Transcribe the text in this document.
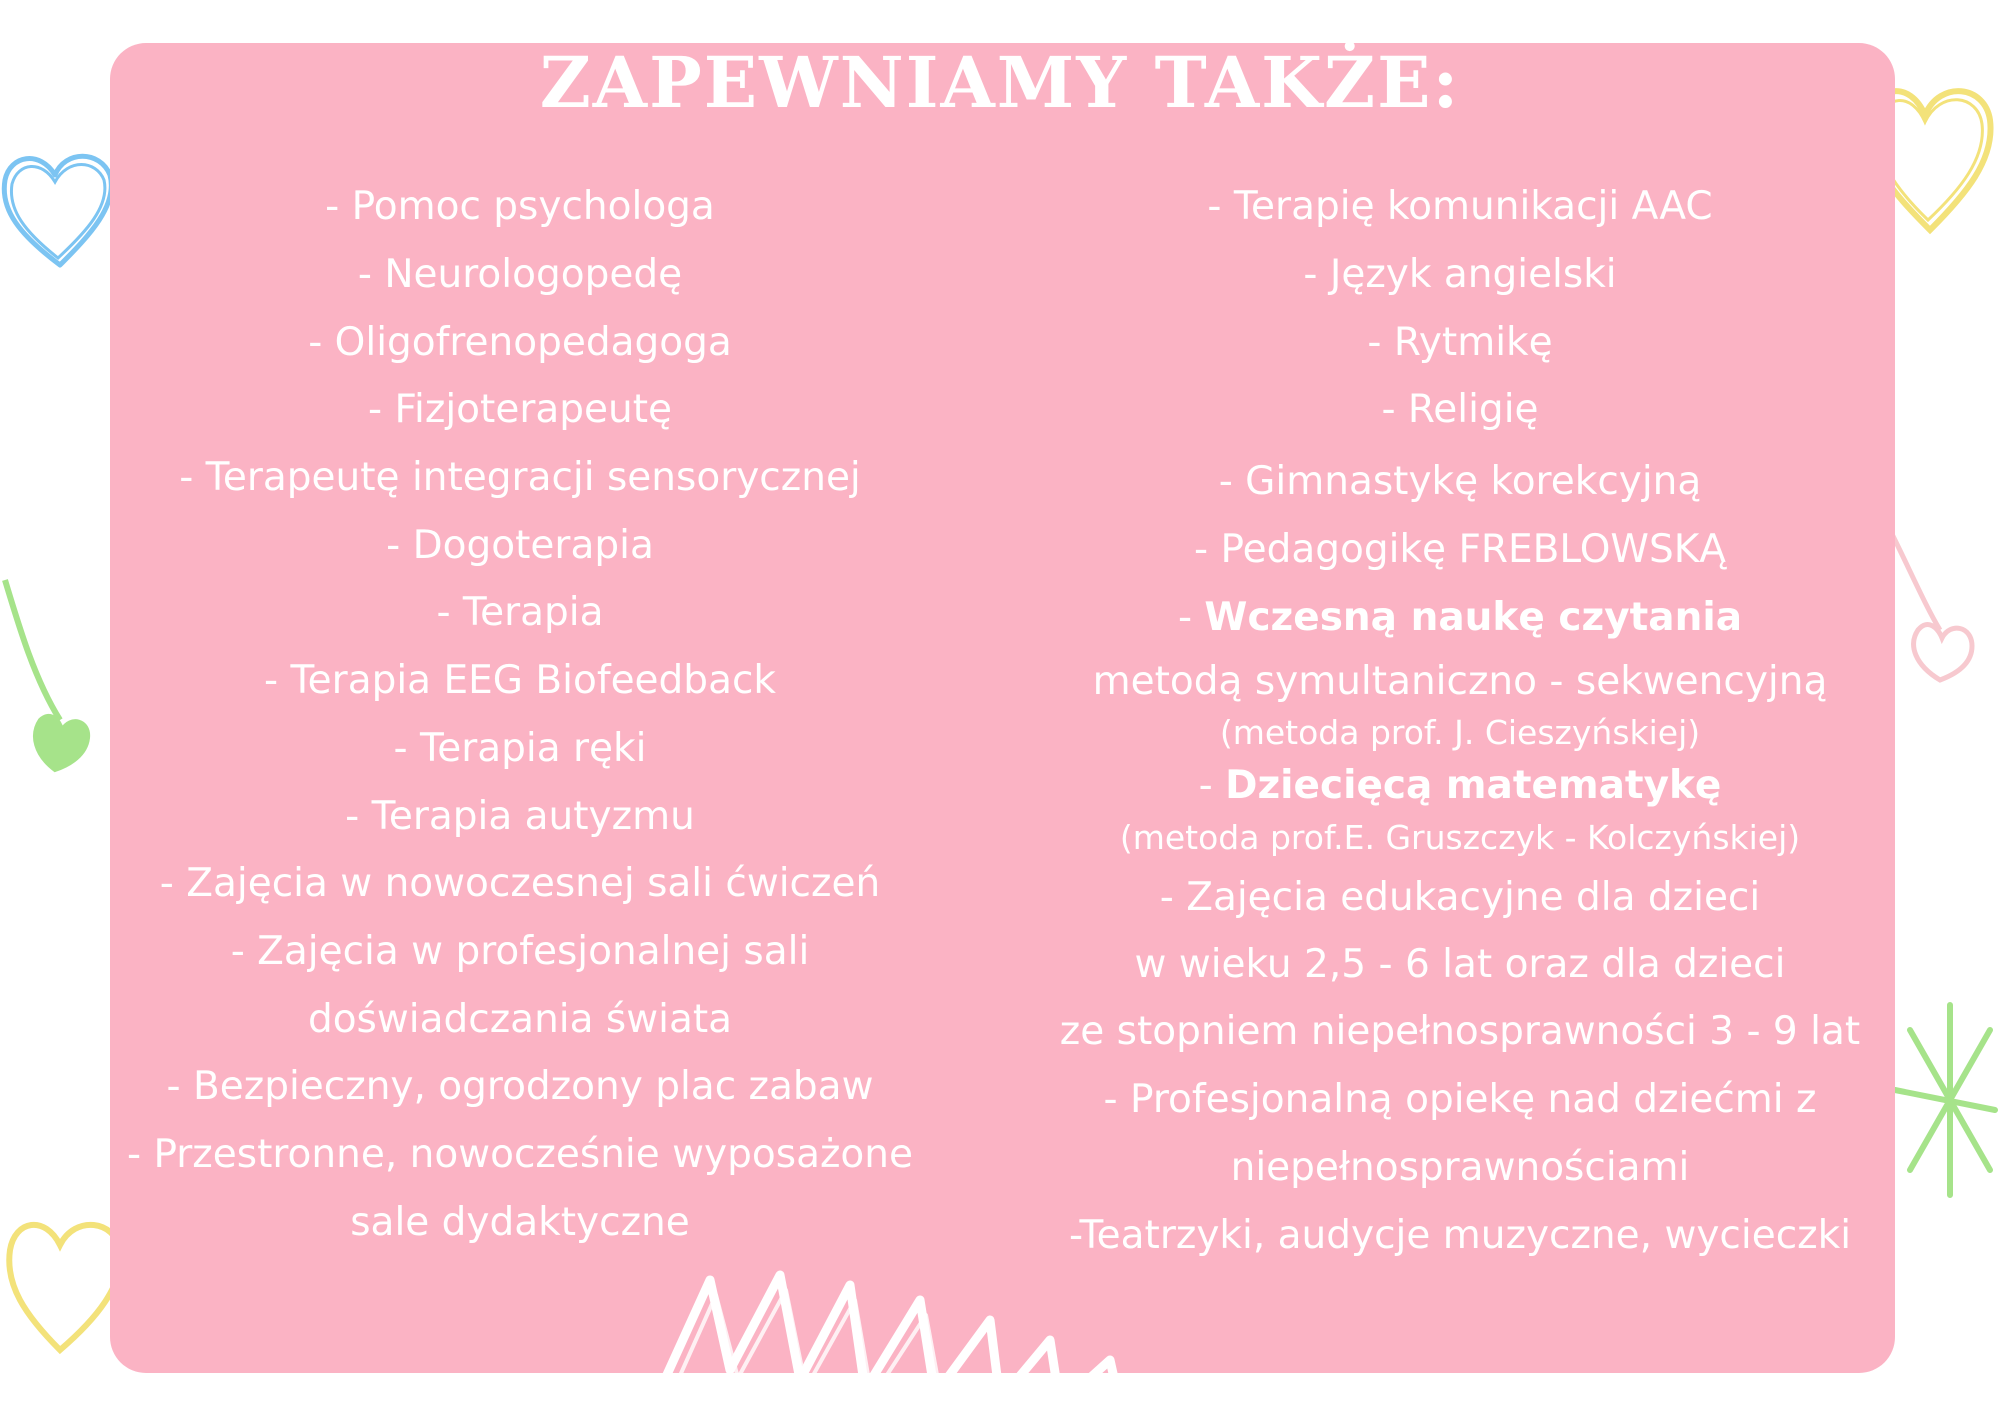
ZAPEWNIAMY TAKŻE:
- Pomoc psychologa
- Neurologopedę
- Oligofrenopedagoga
- Fizjoterapeutę
- Terapeutę integracji sensorycznej
- Dogoterapia
- Terapia
- Terapia EEG Biofeedback
- Terapia ręki
- Terapia autyzmu
- Zajęcia w nowoczesnej sali ćwiczeń
- Zajęcia w profesjonalnej sali
doświadczania świata
- Bezpieczny, ogrodzony plac zabaw
- Przestronne, nowocześnie wyposażone
sale dydaktyczne
- Terapię komunikacji AAC
- Język angielski
- Rytmikę
- Religię
- Gimnastykę korekcyjną
- Pedagogikę FREBLOWSKĄ
- Wczesną naukę czytania
metodą symultaniczno - sekwencyjną
(metoda prof. J. Cieszyńskiej)
- Dziecięcą matematykę
(metoda prof.E. Gruszczyk - Kolczyńskiej)
- Zajęcia edukacyjne dla dzieci
w wieku 2,5 - 6 lat oraz dla dzieci
ze stopniem niepełnosprawności 3 - 9 lat
- Profesjonalną opiekę nad dziećmi z
niepełnosprawnościami
-Teatrzyki, audycje muzyczne, wycieczki
